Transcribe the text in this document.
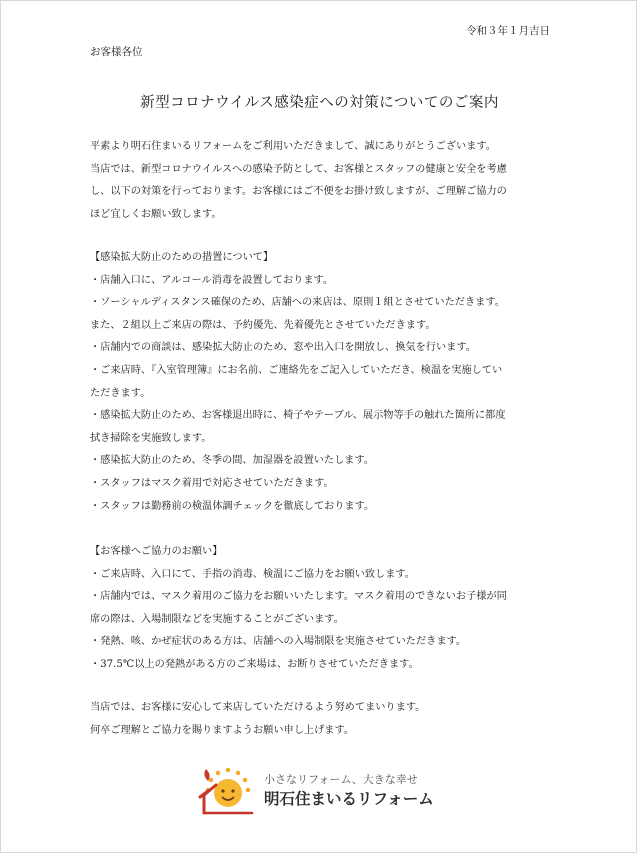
令和３年１月吉日
お客様各位
新型コロナウイルス感染症への対策についてのご案内

平素より明石住まいるリフォームをご利用いただきまして、誠にありがとうございます。

当店では、新型コロナウイルスへの感染予防として、お客様とスタッフの健康と安全を考慮

し、以下の対策を行っております。お客様にはご不便をお掛け致しますが、ご理解ご協力の

ほど宜しくお願い致します。

【感染拡大防止のための措置について】

・店舗入口に、アルコール消毒を設置しております。

・ソーシャルディスタンス確保のため、店舗への来店は、原則１組とさせていただきます。

また、２組以上ご来店の際は、予約優先、先着優先とさせていただきます。

・店舗内での商談は、感染拡大防止のため、窓や出入口を開放し、換気を行います。

・ご来店時、『入室管理簿』にお名前、ご連絡先をご記入していただき、検温を実施してい

ただきます。

・感染拡大防止のため、お客様退出時に、椅子やテーブル、展示物等手の触れた箇所に都度

拭き掃除を実施致します。

・感染拡大防止のため、冬季の間、加湿器を設置いたします。

・スタッフはマスク着用で対応させていただきます。

・スタッフは勤務前の検温体調チェックを徹底しております。

【お客様へご協力のお願い】

・ご来店時、入口にて、手指の消毒、検温にご協力をお願い致します。

・店舗内では、マスク着用のご協力をお願いいたします。マスク着用のできないお子様が同

席の際は、入場制限などを実施することがございます。

・発熱、咳、かぜ症状のある方は、店舗への入場制限を実施させていただきます。

・37.5℃以上の発熱がある方のご来場は、お断りさせていただきます。

当店では、お客様に安心して来店していただけるよう努めてまいります。

何卒ご理解とご協力を賜りますようお願い申し上げます。

小さなリフォーム、大きな幸せ
明石住まいるリフォーム
